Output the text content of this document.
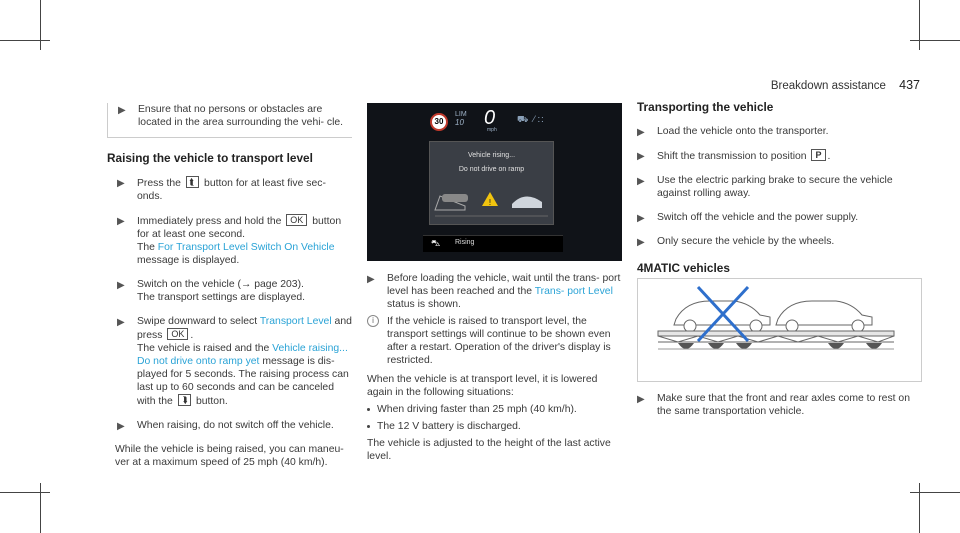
Breakdown assistance 437
▶ Ensure that no persons or obstacles are located in the area surrounding the vehi- cle.
Raising the vehicle to transport level
▶ Press the ⮬ button for at least five sec- onds.
▶ Immediately press and hold the OK button for at least one second.
The For Transport Level Switch On Vehicle message is displayed.
▶ Switch on the vehicle (→ page 203).
The transport settings are displayed.
▶ Swipe downward to select Transport Level and press OK .
The vehicle is raised and the Vehicle raising... Do not drive onto ramp yet message is dis- played for 5 seconds. The raising process can last up to 60 seconds and can be canceled with the ⮯ button.
▶ When raising, do not switch off the vehicle.
While the vehicle is being raised, you can maneu- ver at a maximum speed of 25 mph (40 km/h).
30
LIM
10 0
mph
⛟  ⁄ ∷
Vehicle rising...
Do not drive on ramp
!
⛍ Rising
▶ Before loading the vehicle, wait until the trans- port level has been reached and the Trans- port Level status is shown.
i	If the vehicle is raised to transport level, the transport settings will continue to be shown even after a restart. Operation of the driver's display is restricted.
When the vehicle is at transport level, it is lowered again in the following situations:
When driving faster than 25 mph (40 km/h).
The 12 V battery is discharged.
The vehicle is adjusted to the height of the last active level.
Transporting the vehicle
▶ Load the vehicle onto the transporter.
▶ Shift the transmission to position P .
▶ Use the electric parking brake to secure the vehicle against rolling away.
▶ Switch off the vehicle and the power supply.
▶ Only secure the vehicle by the wheels.
4MATIC vehicles
▶ Make sure that the front and rear axles come to rest on the same transportation vehicle.
